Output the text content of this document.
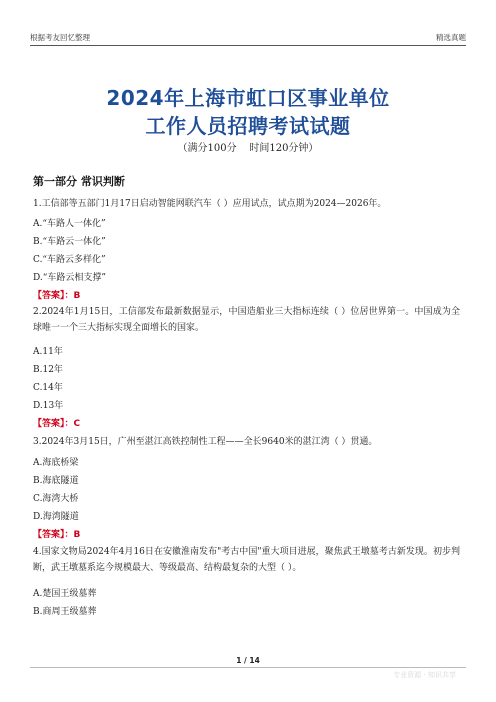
根据考友回忆整理	精选真题
2024年上海市虹口区事业单位
工作人员招聘考试试题
（满分100分    时间120分钟）
第一部分 常识判断
1.工信部等五部门1月17日启动智能网联汽车（ ）应用试点，试点期为2024—2026年。
A.“车路人一体化”
B.“车路云一体化”
C.“车路云多样化”
D.“车路云相支撑”
【答案】：B
2.2024年1月15日，工信部发布最新数据显示，中国造船业三大指标连续（ ）位居世界第一。中国成为全球唯一一个三大指标实现全面增长的国家。
A.11年
B.12年
C.14年
D.13年
【答案】：C
3.2024年3月15日，广州至湛江高铁控制性工程——全长9640米的湛江湾（ ）贯通。
A.海底桥梁
B.海底隧道
C.海湾大桥
D.海湾隧道
【答案】：B
4.国家文物局2024年4月16日在安徽淮南发布"考古中国"重大项目进展，聚焦武王墩墓考古新发现。初步判断，武王墩墓系迄今规模最大、等级最高、结构最复杂的大型（ ）。
A.楚国王级墓葬
B.商周王级墓葬
1 / 14
专业资源 · 知识共享
